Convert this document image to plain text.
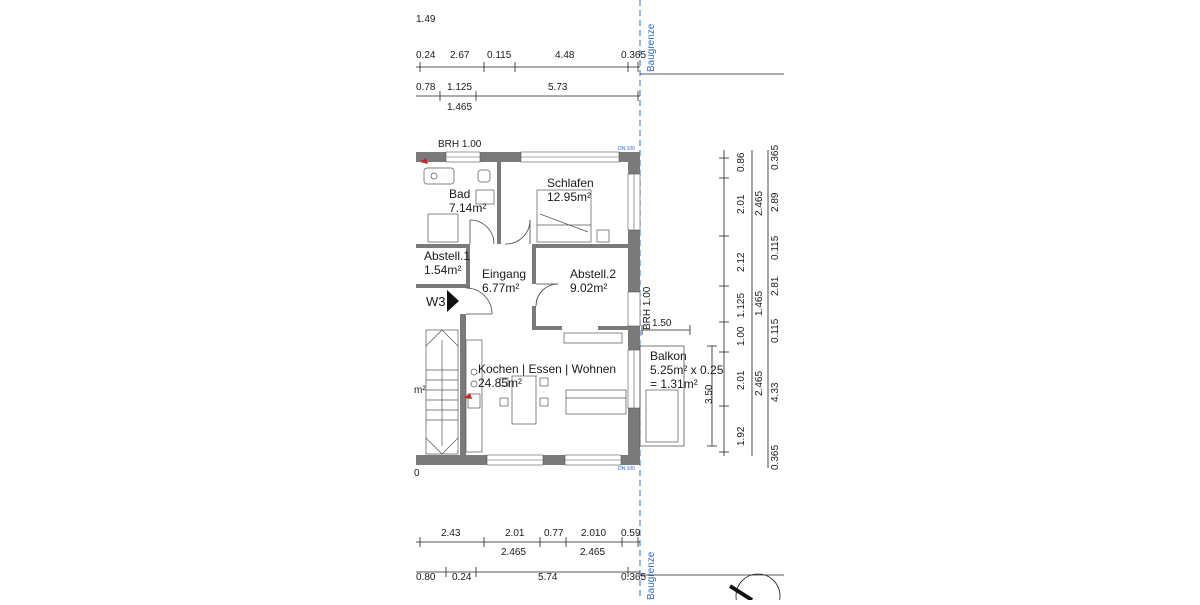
Baugrenze
Baugrenze
1.49
0.24 2.67 0.115	4.48	0.365
0.78 1.125	5.73
1.465
BRH 1.00	DN 100
DN 100
W3
m²
0
Bad
7.14m²
Schlafen
12.95m²
Abstell.1
1.54m² Eingang
6.77m²
Abstell.2
9.02m²
Kochen | Essen | Wohnen
24.85m²
Balkon
5.25m² x 0.25
= 1.31m²
BRH 1.00 1.50
3.50
0.86
2.01
2.12
1.125
1.00
2.01
1.92
2.465
1.465
2.465
0.365
2.89
0.115
2.81
0.115
4.33
0.365
2.43	2.01 0.77 2.010 0.59
2.465	2.465
0.80 0.24	5.74	0.365
